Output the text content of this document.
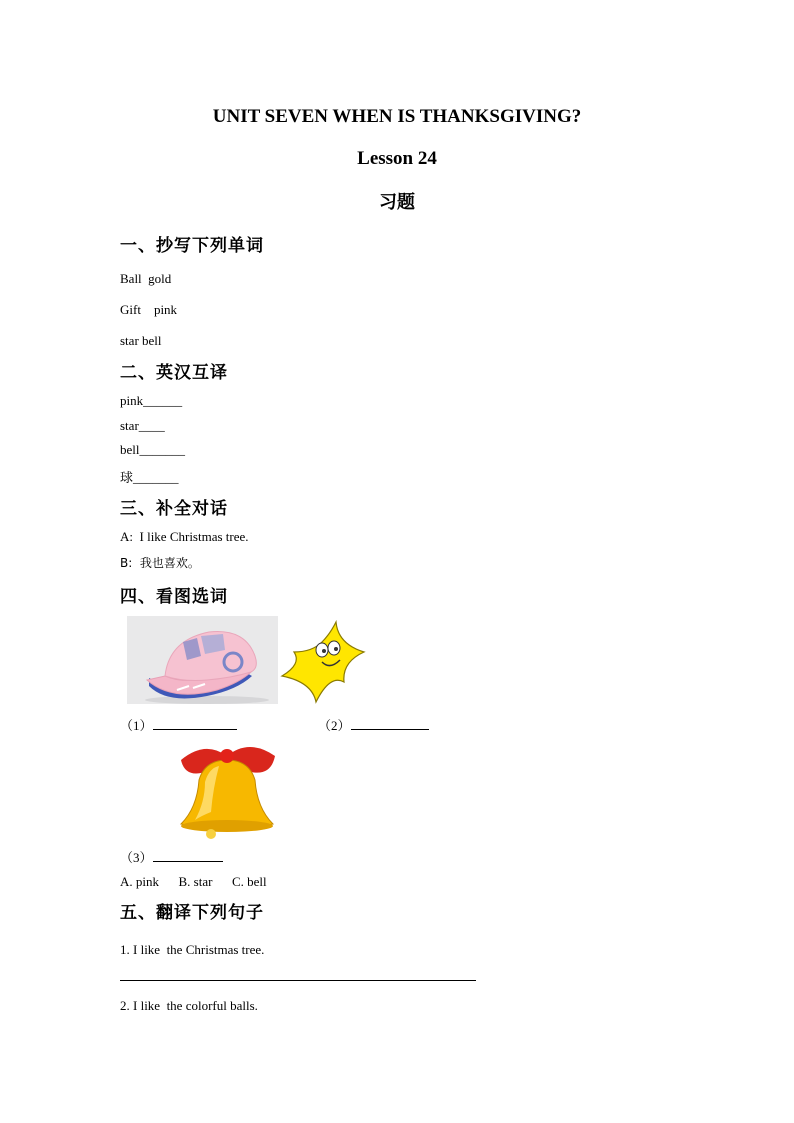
UNIT SEVEN WHEN IS THANKSGIVING?
Lesson 24
习题
一、抄写下列单词
Ball  gold
Gift    pink
star bell
二、英汉互译
pink______
star____
bell_______
球_______
三、补全对话
A:  I like Christmas tree.
B:  我也喜欢。
四、看图选词
（1）	（2）
（3）
A. pink      B. star      C. bell
五、翻译下列句子
1. I like  the Christmas tree.
2. I like  the colorful balls.
